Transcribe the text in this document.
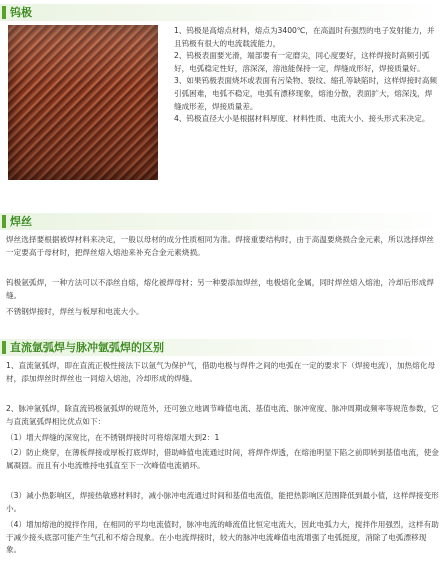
钨极
1、钨极是高熔点材料，熔点为3400℃，在高温时有强烈的电子发射能力，并且钨极有很大的电流载流能力，
2、钨极表面要光滑，端部要有一定磨尖，同心度要好，这样焊接时高频引弧好，电弧稳定性好，溶深深，溶池能保持一定，焊缝成形好，焊接质量好。
3、如果钨极表面烧坏或表面有污染物、裂纹、缩孔等缺陷时，这样焊接时高频引弧困难，电弧不稳定，电弧有漂移现象，熔池分散，表面扩大，熔深浅，焊缝成形差，焊接质量差。
4、钨极直径大小是根据材料厚度、材料性质、电流大小、接头形式来决定。
焊丝

焊丝选择要根据被焊材料来决定，一般以母材的成分性质相同为准。焊接重要结构时，由于高温要烧损合金元素，所以选择焊丝一定要高于母材时，把焊丝熔入熔池来补充合金元素烧损。

钨极氩弧焊，一种方法可以不添丝自熔，熔化被焊母材；另一种要添加焊丝，电极熔化金属，同时焊丝熔入熔池，冷却后形成焊缝。

不锈钢焊接时，焊丝与板厚和电流大小。

直流氩弧焊与脉冲氩弧焊的区别

1、直流氩弧焊，即在直流正极性接法下以氩气为保护气，借助电极与焊件之间的电弧在一定的要求下（焊接电流），加热熔化母材，添加焊丝时焊丝也一同熔入熔池，冷却形成的焊缝。

2、脉冲氩弧焊，除直流钨极氩弧焊的规范外，还可独立地调节峰值电流、基值电流、脉冲宽度、脉冲周期或频率等规范参数，它与直流氩弧焊相比优点如下：

（1）增大焊缝的深宽比，在不锈钢焊接时可将熔深增大到2：1

（2）防止烧穿，在薄板焊接或厚板打底焊时，借助峰值电流通过时间，将焊件焊透，在熔池明显下陷之前即转到基值电流，使金属凝固。而且有小电流维持电弧直至下一次峰值电流循环。

（3）减小热影响区，焊接热敏感材料时，减小脉冲电流通过时间和基值电流值，能把热影响区范围降低到最小值，这样焊接变形小。

（4）增加熔池的搅拌作用，在相同的平均电流值时，脉冲电流的峰流值比恒定电流大，因此电弧力大，搅拌作用强烈，这样有助于减少接头底部可能产生气孔和不熔合现象。在小电流焊接时，较大的脉冲电流峰值电流增强了电弧挺度，消除了电弧漂移现象。
